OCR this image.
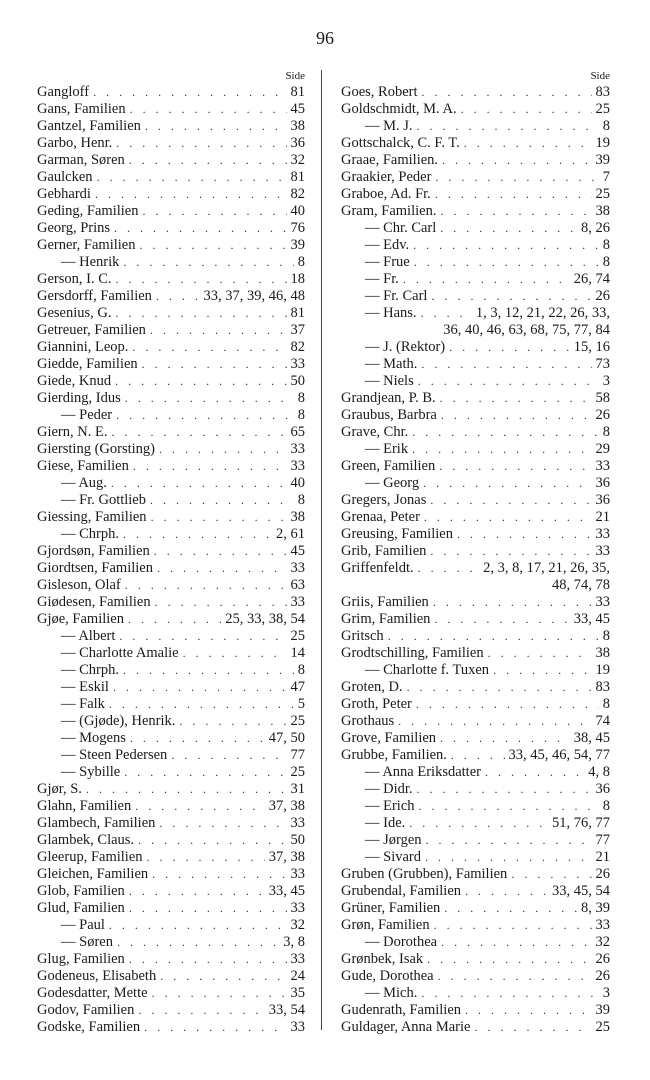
96
Side
Gangloff . . .	81
Gans, Familien . . .	45
Gantzel, Familien . . .	38
Garbo, Henr. . . .	36
Garman, Søren . . .	32
Gaulcken . . .	81
Gebhardi . . .	82
Geding, Familien . . .	40
Georg, Prins . . .	76
Gerner, Familien . . .	39
— Henrik . . .	8
Gerson, I. C. . . .	18
Gersdorff, Familien . . .	33, 37, 39, 46, 48
Gesenius, G. . . .	81
Getreuer, Familien . . .	37
Giannini, Leop. . . .	82
Giedde, Familien . . .	33
Giede, Knud . . .	50
Gierding, Idus . . .	8
— Peder . . .	8
Giern, N. E. . . .	65
Giersting (Gorsting) . . .	33
Giese, Familien . . .	33
— Aug. . . .	40
— Fr. Gottlieb . . .	8
Giessing, Familien . . .	38
— Chrph. . . .	2, 61
Gjordsøn, Familien . . .	45
Giordtsen, Familien . . .	33
Gisleson, Olaf . . .	63
Giødesen, Familien . . .	33
Gjøe, Familien . . .	25, 33, 38, 54
— Albert . . .	25
— Charlotte Amalie . . .	14
— Chrph. . . .	8
— Eskil . . .	47
— Falk . . .	5
— (Gjøde), Henrik. . . .	25
— Mogens . . .	47, 50
— Steen Pedersen . . .	77
— Sybille . . .	25
Gjør, S. . . .	31
Glahn, Familien . . .	37, 38
Glambech, Familien . . .	33
Glambek, Claus. . . .	50
Gleerup, Familien . . .	37, 38
Gleichen, Familien . . .	33
Glob, Familien . . .	33, 45
Glud, Familien . . .	33
— Paul . . .	32
— Søren . . .	3, 8
Glug, Familien . . .	33
Godeneus, Elisabeth . . .	24
Godesdatter, Mette . . .	35
Godov, Familien . . .	33, 54
Godske, Familien . . .	33
Side
Goes, Robert . . .	83
Goldschmidt, M. A. . . .	25
— M. J. . . .	8
Gottschalck, C. F. T. . . .	19
Graae, Familien. . . .	39
Graakier, Peder . . .	7
Graboe, Ad. Fr. . . .	25
Gram, Familien. . . .	38
— Chr. Carl . . .	8, 26
— Edv. . . .	8
— Frue . . .	8
— Fr. . . .	26, 74
— Fr. Carl . . .	26
— Hans. . . .	1, 3, 12, 21, 22, 26, 33,
36, 40, 46, 63, 68, 75, 77, 84
— J. (Rektor) . . .	15, 16
— Math. . . .	73
— Niels . . .	3
Grandjean, P. B. . . .	58
Graubus, Barbra . . .	26
Grave, Chr. . . .	8
— Erik . . .	29
Green, Familien . . .	33
— Georg . . .	36
Gregers, Jonas . . .	36
Grenaa, Peter . . .	21
Greusing, Familien . . .	33
Grib, Familien . . .	33
Griffenfeldt. . . .	2, 3, 8, 17, 21, 26, 35,
48, 74, 78
Griis, Familien . . .	33
Grim, Familien . . .	33, 45
Gritsch . . .	8
Grodtschilling, Familien . . .	38
— Charlotte f. Tuxen . . .	19
Groten, D. . . .	83
Groth, Peter . . .	8
Grothaus . . .	74
Grove, Familien . . .	38, 45
Grubbe, Familien. . . .	33, 45, 46, 54, 77
— Anna Eriksdatter . . .	4, 8
— Didr. . . .	36
— Erich . . .	8
— Ide. . . .	51, 76, 77
— Jørgen . . .	77
— Sivard . . .	21
Gruben (Grubben), Familien . . .	26
Grubendal, Familien . . .	33, 45, 54
Grüner, Familien . . .	8, 39
Grøn, Familien . . .	33
— Dorothea . . .	32
Grønbek, Isak . . .	26
Gude, Dorothea . . .	26
— Mich. . . .	3
Gudenrath, Familien . . .	39
Guldager, Anna Marie . . .	25
